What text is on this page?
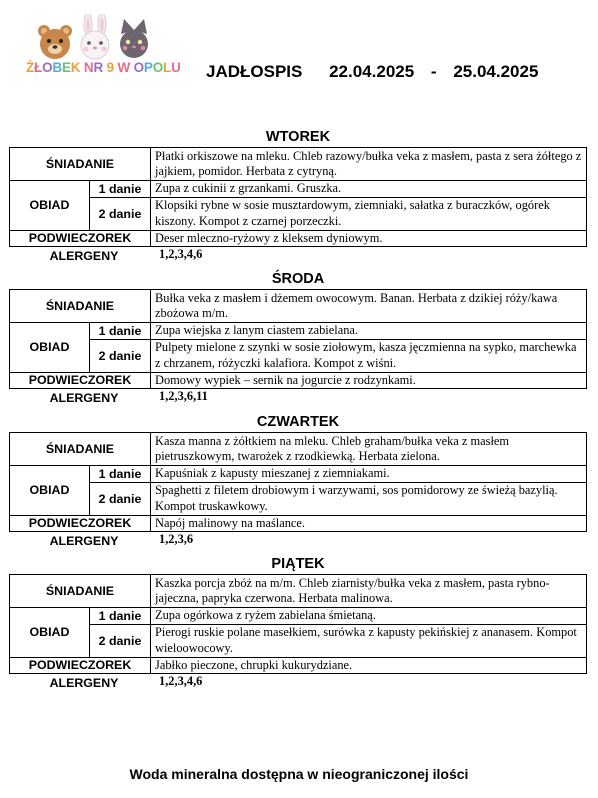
ŻŁOBEK NR 9 W OPOLU JADŁOSPIS 22.04.2025 - 25.04.2025
WTOREK
ŚNIADANIE		Płatki orkiszowe na mleku. Chleb razowy/bułka veka z masłem, pasta z sera żółtego z jajkiem, pomidor. Herbata z cytryną.
OBIAD	1 danie	Zupa z cukinii z grzankami. Gruszka.
	2 danie	Klopsiki rybne w sosie musztardowym, ziemniaki, sałatka z buraczków, ogórek kiszony. Kompot z czarnej porzeczki.
PODWIECZOREK		Deser mleczno-ryżowy z kleksem dyniowym.
ALERGENY	1,2,3,4,6
ŚRODA
ŚNIADANIE		Bułka veka z masłem i dżemem owocowym. Banan. Herbata z dzikiej róży/kawa zbożowa m/m.
OBIAD	1 danie	Zupa wiejska z lanym ciastem zabielana.
	2 danie	Pulpety mielone z szynki w sosie ziołowym, kasza jęczmienna na sypko, marchewka z chrzanem, różyczki kalafiora. Kompot z wiśni.
PODWIECZOREK		Domowy wypiek – sernik na jogurcie z rodzynkami.
ALERGENY	1,2,3,6,11
CZWARTEK
ŚNIADANIE		Kasza manna z żółtkiem na mleku. Chleb graham/bułka veka z masłem pietruszkowym, twarożek z rzodkiewką. Herbata zielona.
OBIAD	1 danie	Kapuśniak z kapusty mieszanej z ziemniakami.
	2 danie	Spaghetti z filetem drobiowym i warzywami, sos pomidorowy ze świeżą bazylią. Kompot truskawkowy.
PODWIECZOREK		Napój malinowy na maślance.
ALERGENY	1,2,3,6
PIĄTEK
ŚNIADANIE		Kaszka porcja zbóż na m/m. Chleb ziarnisty/bułka veka z masłem, pasta rybno-jajeczna, papryka czerwona. Herbata malinowa.
OBIAD	1 danie	Zupa ogórkowa z ryżem zabielana śmietaną.
	2 danie	Pierogi ruskie polane masełkiem, surówka z kapusty pekińskiej z ananasem. Kompot wieloowocowy.
PODWIECZOREK		Jabłko pieczone, chrupki kukurydziane.
ALERGENY	1,2,3,4,6
Woda mineralna dostępna w nieograniczonej ilości
